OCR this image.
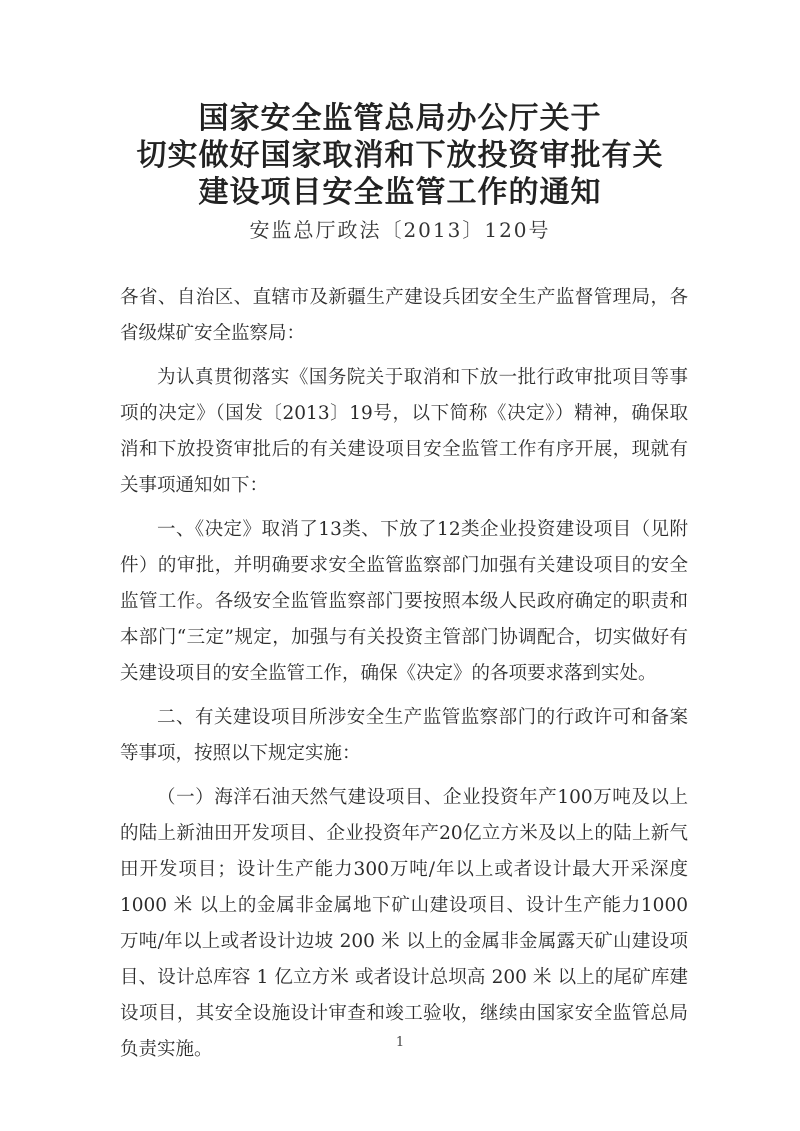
国家安全监管总局办公厅关于
切实做好国家取消和下放投资审批有关
建设项目安全监管工作的通知
安监总厅政法〔2013〕120号

各省、自治区、直辖市及新疆生产建设兵团安全生产监督管理局，各省级煤矿安全监察局：

为认真贯彻落实《国务院关于取消和下放一批行政审批项目等事项的决定》（国发〔2013〕19号，以下简称《决定》）精神，确保取消和下放投资审批后的有关建设项目安全监管工作有序开展，现就有关事项通知如下：

一、《决定》取消了13类、下放了12类企业投资建设项目（见附件）的审批，并明确要求安全监管监察部门加强有关建设项目的安全监管工作。各级安全监管监察部门要按照本级人民政府确定的职责和本部门“三定”规定，加强与有关投资主管部门协调配合，切实做好有关建设项目的安全监管工作，确保《决定》的各项要求落到实处。

二、有关建设项目所涉安全生产监管监察部门的行政许可和备案等事项，按照以下规定实施：

（一）海洋石油天然气建设项目、企业投资年产100万吨及以上的陆上新油田开发项目、企业投资年产20亿立方米及以上的陆上新气田开发项目；设计生产能力300万吨/年以上或者设计最大开采深度 1000 米 以上的金属非金属地下矿山建设项目、设计生产能力1000万吨/年以上或者设计边坡 200 米 以上的金属非金属露天矿山建设项目、设计总库容 1 亿立方米 或者设计总坝高 200 米 以上的尾矿库建设项目，其安全设施设计审查和竣工验收，继续由国家安全监管总局负责实施。	1
